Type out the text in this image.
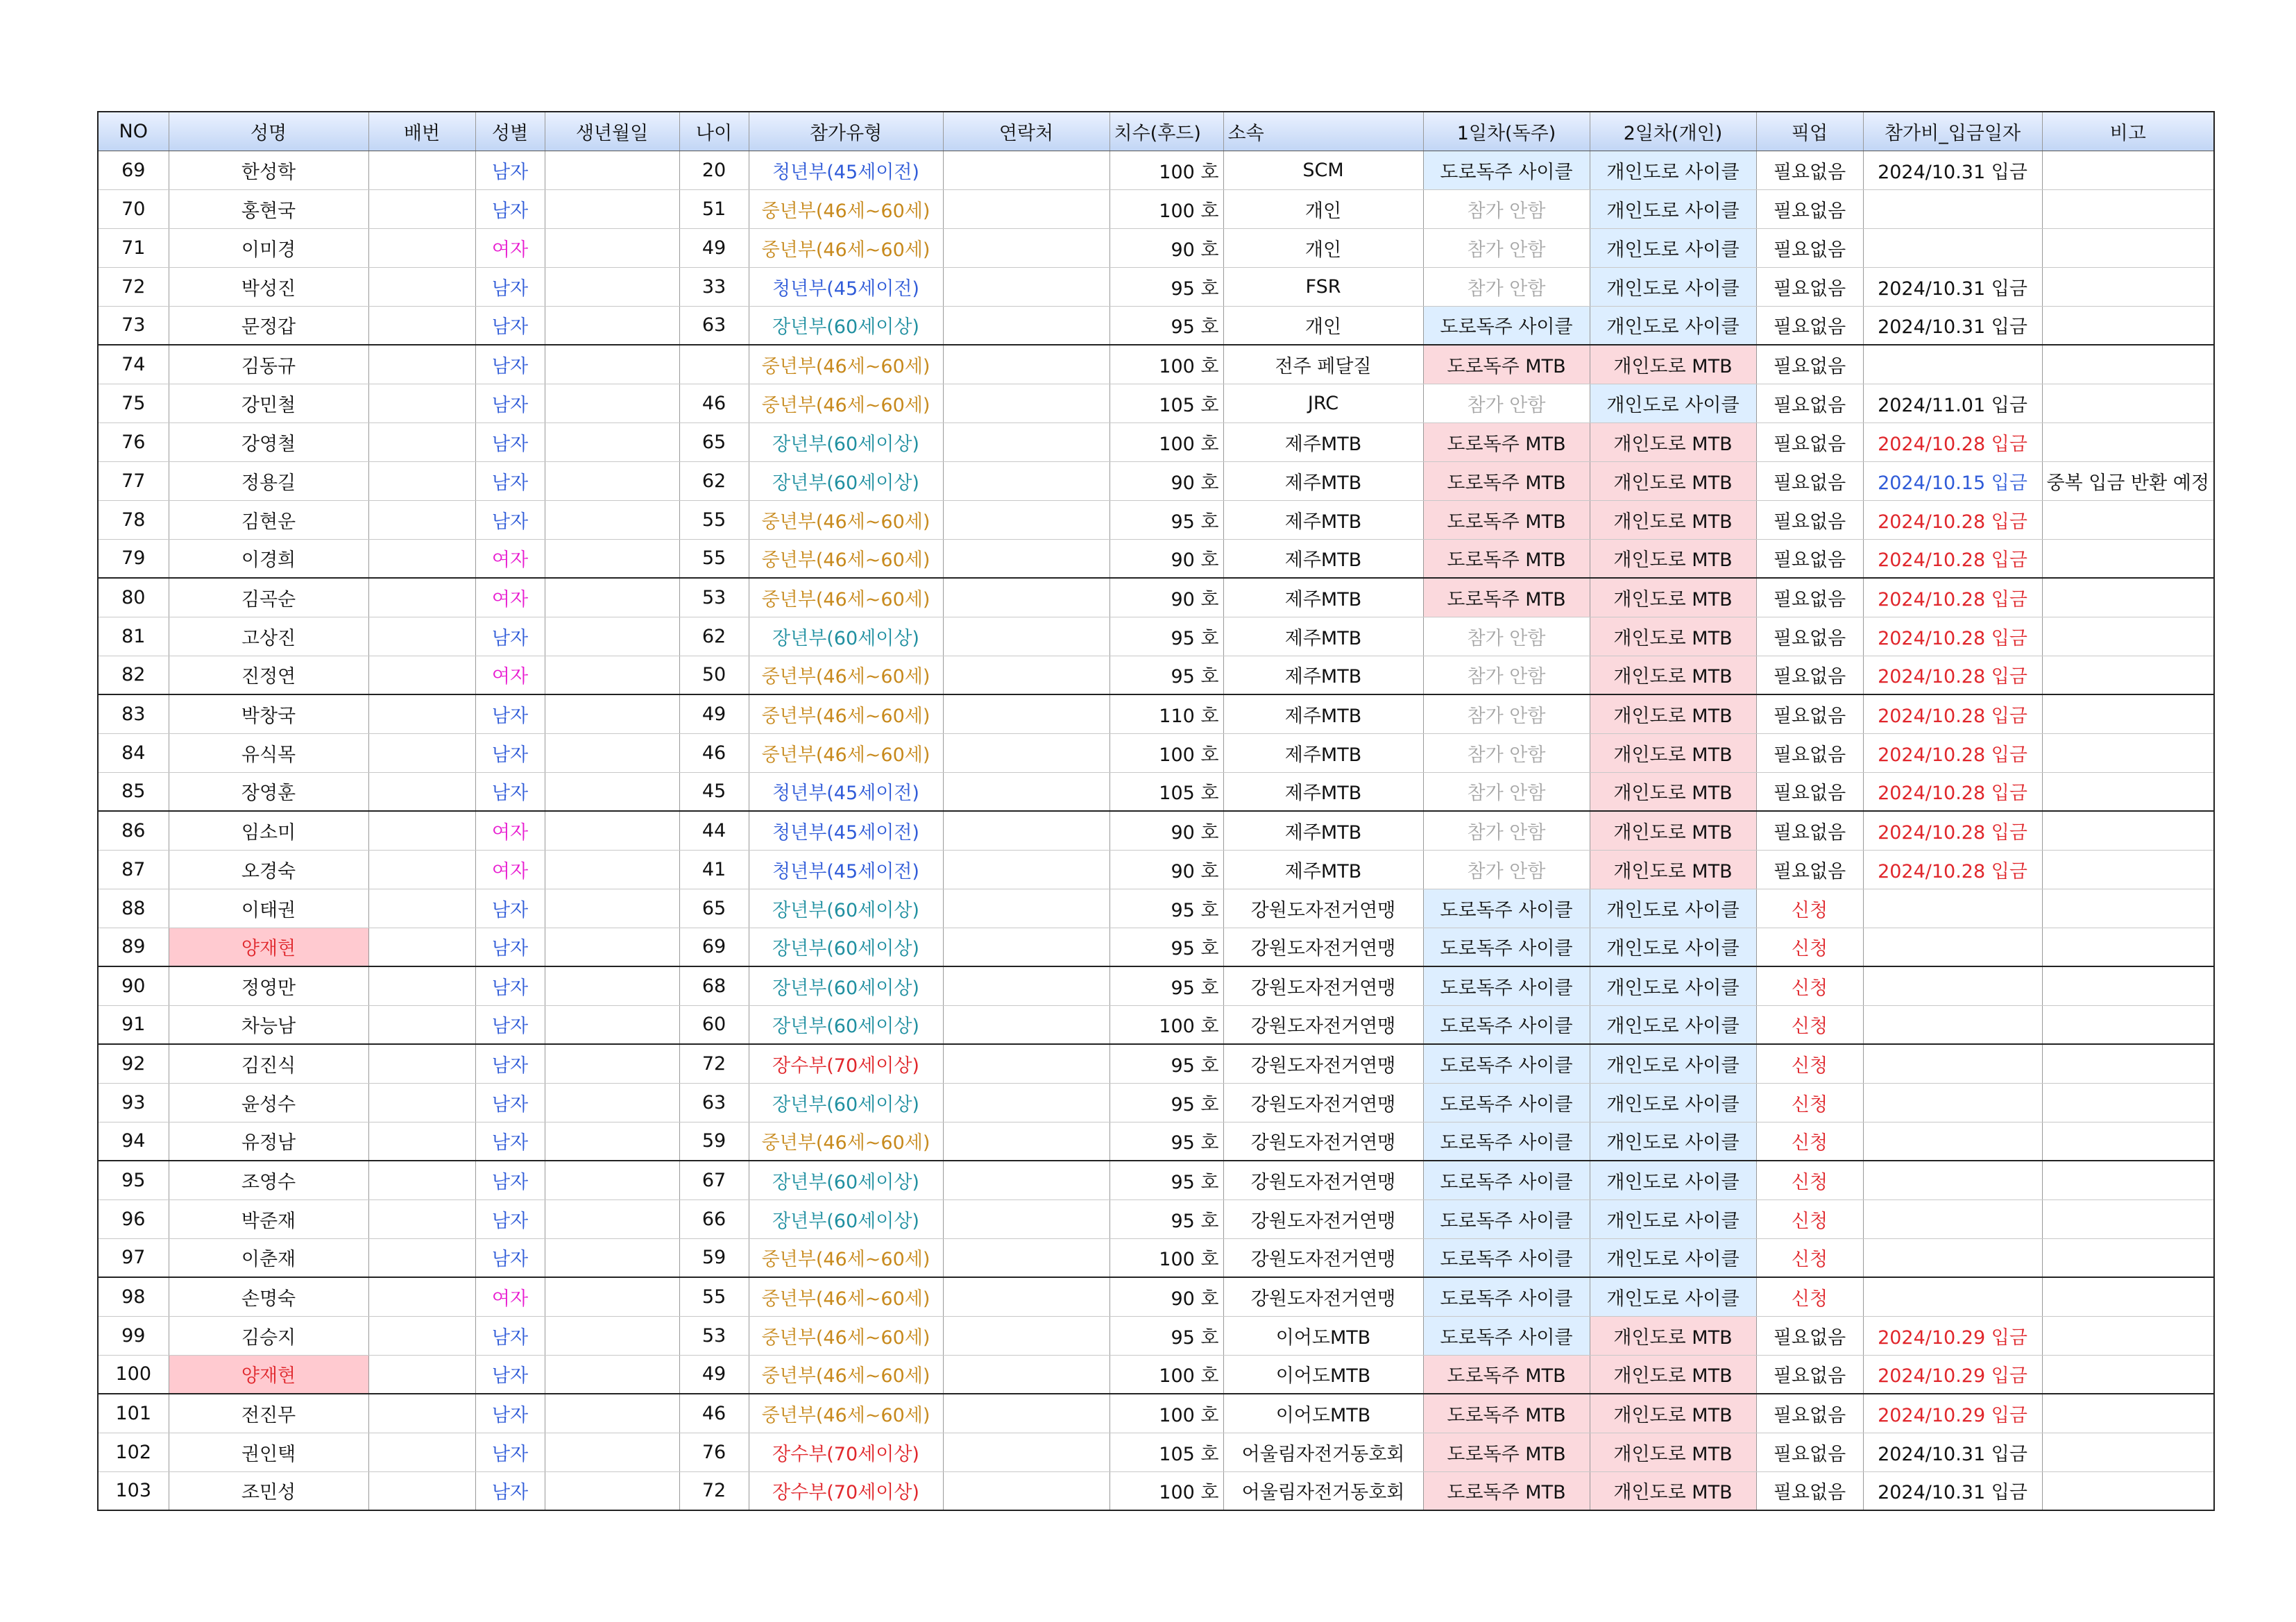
NO	성명	배번	성별	생년월일	나이	참가유형	연락처	치수(후드)	소속	1일차(독주)	2일차(개인)	픽업	참가비_입금일자	비고
69	한성학		남자		20	청년부(45세이전)		100 호	SCM	도로독주 사이클	개인도로 사이클	필요없음	2024/10.31 입금	
70	홍현국		남자		51	중년부(46세~60세)		100 호	개인	참가 안함	개인도로 사이클	필요없음		
71	이미경		여자		49	중년부(46세~60세)		90 호	개인	참가 안함	개인도로 사이클	필요없음		
72	박성진		남자		33	청년부(45세이전)		95 호	FSR	참가 안함	개인도로 사이클	필요없음	2024/10.31 입금	
73	문정갑		남자		63	장년부(60세이상)		95 호	개인	도로독주 사이클	개인도로 사이클	필요없음	2024/10.31 입금	
74	김동규		남자			중년부(46세~60세)		100 호	전주 페달질	도로독주 MTB	개인도로 MTB	필요없음		
75	강민철		남자		46	중년부(46세~60세)		105 호	JRC	참가 안함	개인도로 사이클	필요없음	2024/11.01 입금	
76	강영철		남자		65	장년부(60세이상)		100 호	제주MTB	도로독주 MTB	개인도로 MTB	필요없음	2024/10.28 입금	
77	정용길		남자		62	장년부(60세이상)		90 호	제주MTB	도로독주 MTB	개인도로 MTB	필요없음	2024/10.15 입금	중복 입금 반환 예정
78	김현운		남자		55	중년부(46세~60세)		95 호	제주MTB	도로독주 MTB	개인도로 MTB	필요없음	2024/10.28 입금	
79	이경희		여자		55	중년부(46세~60세)		90 호	제주MTB	도로독주 MTB	개인도로 MTB	필요없음	2024/10.28 입금	
80	김곡순		여자		53	중년부(46세~60세)		90 호	제주MTB	도로독주 MTB	개인도로 MTB	필요없음	2024/10.28 입금	
81	고상진		남자		62	장년부(60세이상)		95 호	제주MTB	참가 안함	개인도로 MTB	필요없음	2024/10.28 입금	
82	진정연		여자		50	중년부(46세~60세)		95 호	제주MTB	참가 안함	개인도로 MTB	필요없음	2024/10.28 입금	
83	박창국		남자		49	중년부(46세~60세)		110 호	제주MTB	참가 안함	개인도로 MTB	필요없음	2024/10.28 입금	
84	유식목		남자		46	중년부(46세~60세)		100 호	제주MTB	참가 안함	개인도로 MTB	필요없음	2024/10.28 입금	
85	장영훈		남자		45	청년부(45세이전)		105 호	제주MTB	참가 안함	개인도로 MTB	필요없음	2024/10.28 입금	
86	임소미		여자		44	청년부(45세이전)		90 호	제주MTB	참가 안함	개인도로 MTB	필요없음	2024/10.28 입금	
87	오경숙		여자		41	청년부(45세이전)		90 호	제주MTB	참가 안함	개인도로 MTB	필요없음	2024/10.28 입금	
88	이태권		남자		65	장년부(60세이상)		95 호	강원도자전거연맹	도로독주 사이클	개인도로 사이클	신청		
89	양재현		남자		69	장년부(60세이상)		95 호	강원도자전거연맹	도로독주 사이클	개인도로 사이클	신청		
90	정영만		남자		68	장년부(60세이상)		95 호	강원도자전거연맹	도로독주 사이클	개인도로 사이클	신청		
91	차능남		남자		60	장년부(60세이상)		100 호	강원도자전거연맹	도로독주 사이클	개인도로 사이클	신청		
92	김진식		남자		72	장수부(70세이상)		95 호	강원도자전거연맹	도로독주 사이클	개인도로 사이클	신청		
93	윤성수		남자		63	장년부(60세이상)		95 호	강원도자전거연맹	도로독주 사이클	개인도로 사이클	신청		
94	유정남		남자		59	중년부(46세~60세)		95 호	강원도자전거연맹	도로독주 사이클	개인도로 사이클	신청		
95	조영수		남자		67	장년부(60세이상)		95 호	강원도자전거연맹	도로독주 사이클	개인도로 사이클	신청		
96	박준재		남자		66	장년부(60세이상)		95 호	강원도자전거연맹	도로독주 사이클	개인도로 사이클	신청		
97	이춘재		남자		59	중년부(46세~60세)		100 호	강원도자전거연맹	도로독주 사이클	개인도로 사이클	신청		
98	손명숙		여자		55	중년부(46세~60세)		90 호	강원도자전거연맹	도로독주 사이클	개인도로 사이클	신청		
99	김승지		남자		53	중년부(46세~60세)		95 호	이어도MTB	도로독주 사이클	개인도로 MTB	필요없음	2024/10.29 입금	
100	양재현		남자		49	중년부(46세~60세)		100 호	이어도MTB	도로독주 MTB	개인도로 MTB	필요없음	2024/10.29 입금	
101	전진무		남자		46	중년부(46세~60세)		100 호	이어도MTB	도로독주 MTB	개인도로 MTB	필요없음	2024/10.29 입금	
102	권인택		남자		76	장수부(70세이상)		105 호	어울림자전거동호회	도로독주 MTB	개인도로 MTB	필요없음	2024/10.31 입금	
103	조민성		남자		72	장수부(70세이상)		100 호	어울림자전거동호회	도로독주 MTB	개인도로 MTB	필요없음	2024/10.31 입금	
